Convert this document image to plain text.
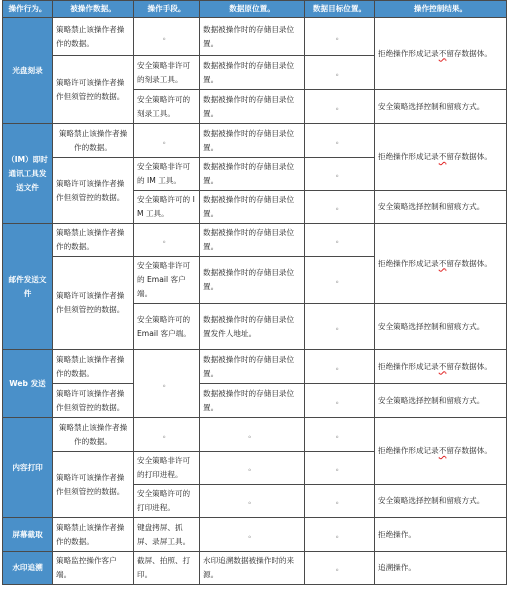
操作行为。	被操作数据。	操作手段。	数据原位置。	数据目标位置。	操作控制结果。
光盘刻录	策略禁止该操作者操作的数据。	。	数据被操作时的存储目录位置。	。	拒绝操作形成记录不留存数据体。
	策略许可该操作者操作但须管控的数据。	安全策略非许可的刻录工具。	数据被操作时的存储目录位置。	。	
		安全策略许可的刻录工具。	数据被操作时的存储目录位置。	。	安全策略选择控制和留痕方式。
（IM）即时通讯工具发送文件	策略禁止该操作者操作的数据。	。	数据被操作时的存储目录位置。	。	拒绝操作形成记录不留存数据体。
	策略许可该操作者操作但须管控的数据。	安全策略非许可的 IM 工具。	数据被操作时的存储目录位置。	。	
		安全策略许可的 IM 工具。	数据被操作时的存储目录位置。	。	安全策略选择控制和留痕方式。
邮件发送文件	策略禁止该操作者操作的数据。	。	数据被操作时的存储目录位置。	。	拒绝操作形成记录不留存数据体。
	策略许可该操作者操作但须管控的数据。	安全策略非许可的 Email 客户端。	数据被操作时的存储目录位置。	。	
		安全策略许可的 Email 客户端。	数据被操作时的存储目录位置发件人地址。	。	安全策略选择控制和留痕方式。
Web 发送	策略禁止该操作者操作的数据。	。	数据被操作时的存储目录位置。	。	拒绝操作形成记录不留存数据体。
	策略许可该操作者操作但须管控的数据。		数据被操作时的存储目录位置。	。	安全策略选择控制和留痕方式。
内容打印	策略禁止该操作者操作的数据。	。	。	。	拒绝操作形成记录不留存数据体。
	策略许可该操作者操作但须管控的数据。	安全策略非许可的打印进程。	。	。	
		安全策略许可的打印进程。	。	。	安全策略选择控制和留痕方式。
屏幕截取	策略禁止该操作者操作的数据。	键盘拷屏、抓屏、录屏工具。	。	。	拒绝操作。
水印追溯	策略监控操作客户端。	截屏、拍照、打印。	水印追溯数据被操作时的来源。	。	追溯操作。
